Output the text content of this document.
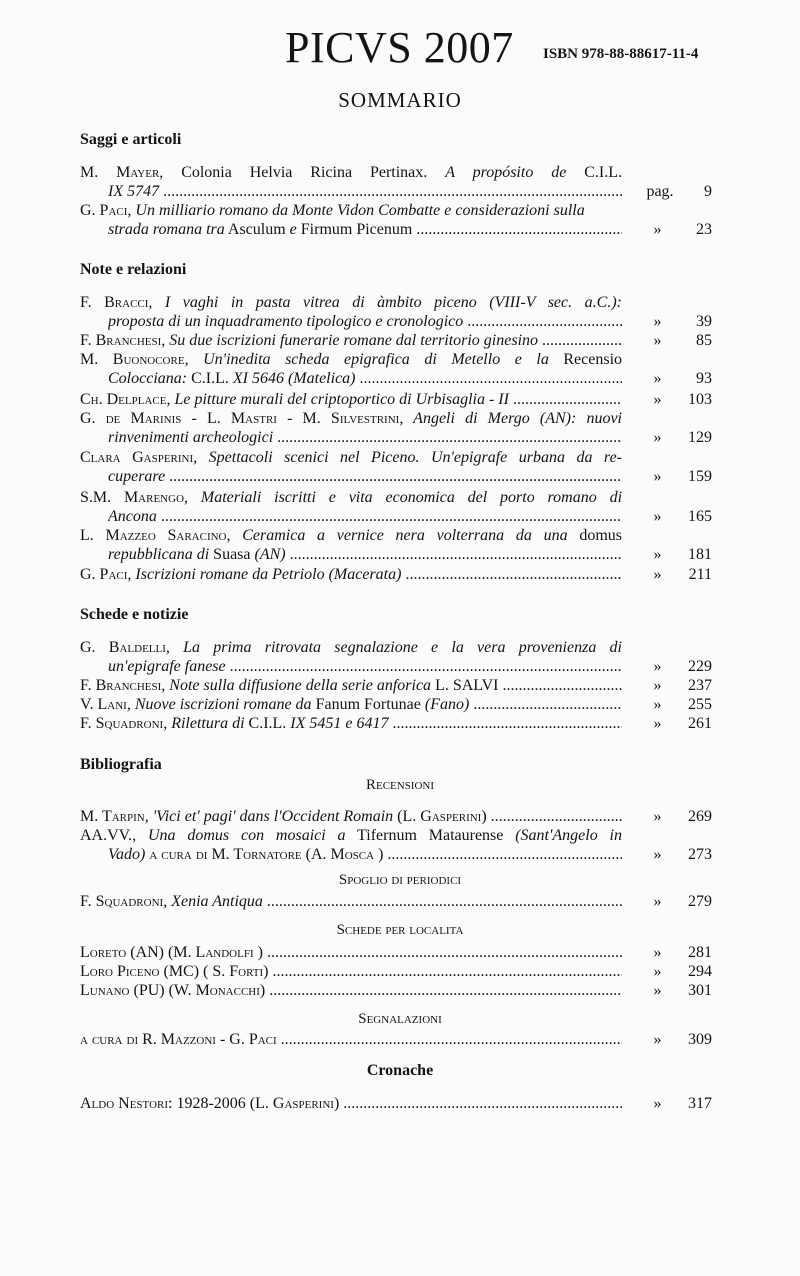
PICVS 2007 ISBN 978-88-88617-11-4
SOMMARIO
Saggi e articoli
M. Mayer, Colonia Helvia Ricina Pertinax. A propósito de C.I.L.
IX 5747 .....	pag.	9
G. Paci, Un milliario romano da Monte Vidon Combatte e considerazioni sulla
strada romana tra Asculum e Firmum Picenum .....	»	23
Note e relazioni
F. Bracci, I vaghi in pasta vitrea di àmbito piceno (VIII-V sec. a.C.):
proposta di un inquadramento tipologico e cronologico .....	»	39
F. Branchesi, Su due iscrizioni funerarie romane dal territorio ginesino .....	»	85
M. Buonocore, Un'inedita scheda epigrafica di Metello e la Recensio
Colocciana: C.I.L. XI 5646 (Matelica) .....	»	93
Ch. Delplace, Le pitture murali del criptoportico di Urbisaglia - II .....	»	103
G. de Marinis - L. Mastri - M. Silvestrini, Angeli di Mergo (AN): nuovi
rinvenimenti archeologici .....	»	129
Clara Gasperini, Spettacoli scenici nel Piceno. Un'epigrafe urbana da re-
cuperare .....	»	159
S.M. Marengo, Materiali iscritti e vita economica del porto romano di
Ancona .....	»	165
L. Mazzeo Saracino, Ceramica a vernice nera volterrana da una domus
repubblicana di Suasa (AN) .....	»	181
G. Paci, Iscrizioni romane da Petriolo (Macerata) .....	»	211
Schede e notizie
G. Baldelli, La prima ritrovata segnalazione e la vera provenienza di
un'epigrafe fanese .....	»	229
F. Branchesi, Note sulla diffusione della serie anforica L. SALVI .....	»	237
V. Lani, Nuove iscrizioni romane da Fanum Fortunae (Fano) .....	»	255
F. Squadroni, Rilettura di C.I.L. IX 5451 e 6417 .....	»	261
Bibliografia
Recensioni
M. Tarpin, 'Vici et' pagi' dans l'Occident Romain (L. Gasperini) .....	»	269
AA.VV., Una domus con mosaici a Tifernum Mataurense (Sant'Angelo in
Vado) a cura di M. Tornatore (A. Mosca ) .....	»	273
Spoglio di periodici
F. Squadroni, Xenia Antiqua .....	»	279
Schede per localita
Loreto (AN) (M. Landolfi ) .....	»	281
Loro Piceno (MC) ( S. Forti) .....	»	294
Lunano (PU) (W. Monacchi) .....	»	301
Segnalazioni
a cura di R. Mazzoni - G. Paci .....	»	309
Cronache
Aldo Nestori: 1928-2006 (L. Gasperini) .....	»	317
